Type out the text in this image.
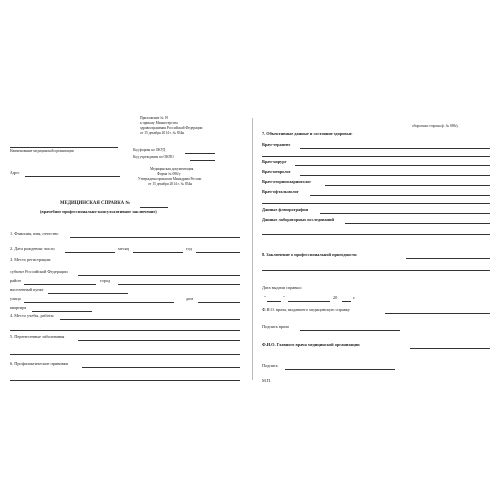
Приложение № 19
к приказу Министерства
здравоохранения Российской Федерации
от 15 декабря 2014 г. № 834н
Наименование медицинской организации	Код формы по ОКУД
Код учреждения по ОКПО
Адрес
Медицинская документация
Форма № 086/у
Утверждена приказом Минздрава России
от 15 декабря 2014 г. № 834н
МЕДИЦИНСКАЯ СПРАВКА №
(врачебное профессионально-консультативное заключение)
1. Фамилия, имя, отчество
2. Дата рождения: число	месяц	год
3. Место регистрации:
субъект Российской Федерации
район	город
населенный пункт
улица	дом
квартира
4. Место учебы, работы
5. Перенесенные заболевания
6. Профилактические прививки
оборотная сторона ф. № 086/у
7. Объективные данные и состояние здоровья:
Врач-терапевт
Врач-хирург
Врач-невролог
Врач-оториноларинголог
Врач-офтальмолог
Данные флюорографии
Данные лабораторных исследований
8. Заключение о профессиональной пригодности
Дата выдачи справки:
"	"	20	г.
Ф.И.О. врача, выдавшего медицинскую справку
Подпись врача
Ф.И.О. Главного врача медицинской организации
Подпись
М.П.
